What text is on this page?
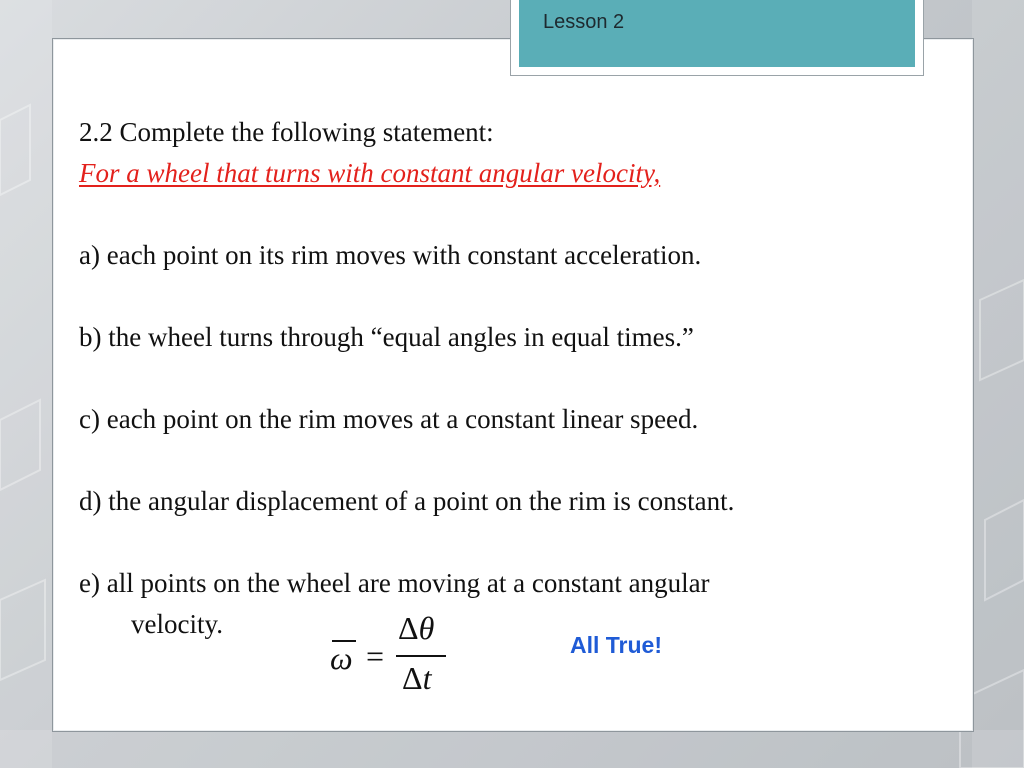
Lesson 2
2.2 Complete the following statement:
For a wheel that turns with constant angular velocity,
a) each point on its rim moves with constant acceleration.
b) the wheel turns through “equal angles in equal times.”
c) each point on the rim moves at a constant linear speed.
d) the angular displacement of a point on the rim is constant.
e) all points on the wheel are moving at a constant angular
velocity.
ω =
Δθ
Δt
All True!
